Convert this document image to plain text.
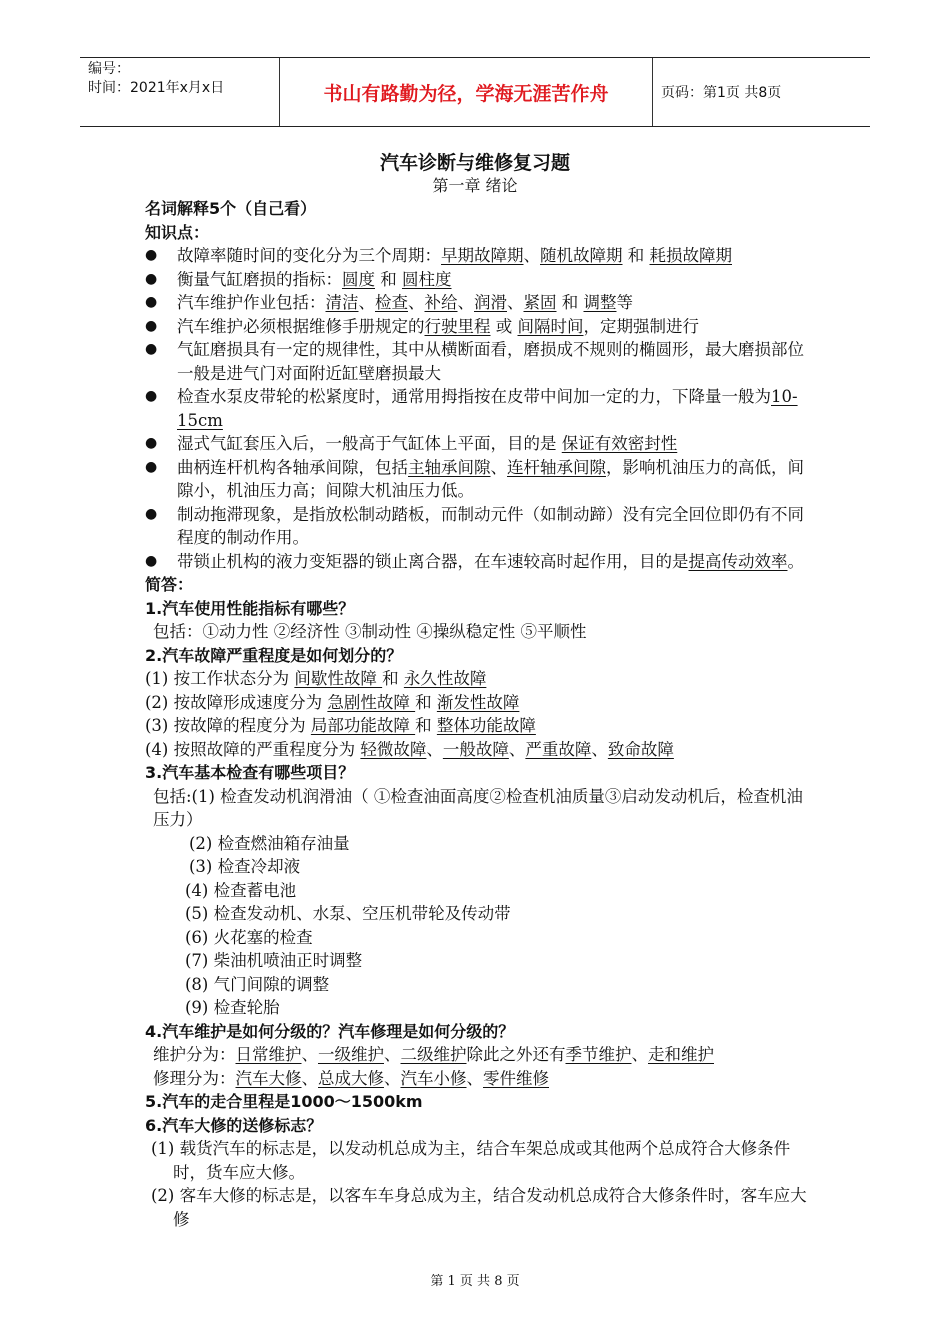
编号：
时间：2021年x月x日	书山有路勤为径，学海无涯苦作舟	页码：第1页 共8页
汽车诊断与维修复习题
第一章 绪论
名词解释5个（自己看）
知识点：
● 故障率随时间的变化分为三个周期：早期故障期、随机故障期 和 耗损故障期
● 衡量气缸磨损的指标：圆度 和 圆柱度
● 汽车维护作业包括：清洁、检查、补给、润滑、紧固 和 调整等
● 汽车维护必须根据维修手册规定的行驶里程 或 间隔时间，定期强制进行
● 气缸磨损具有一定的规律性，其中从横断面看，磨损成不规则的椭圆形，最大磨损部位一般是进气门对面附近缸壁磨损最大
● 检查水泵皮带轮的松紧度时，通常用拇指按在皮带中间加一定的力，下降量一般为10-15cm
● 湿式气缸套压入后，一般高于气缸体上平面，目的是 保证有效密封性
● 曲柄连杆机构各轴承间隙，包括主轴承间隙、连杆轴承间隙，影响机油压力的高低，间隙小，机油压力高；间隙大机油压力低。
● 制动拖滞现象，是指放松制动踏板，而制动元件（如制动蹄）没有完全回位即仍有不同程度的制动作用。
● 带锁止机构的液力变矩器的锁止离合器，在车速较高时起作用，目的是提高传动效率。
简答：
1.汽车使用性能指标有哪些？
包括：①动力性 ②经济性 ③制动性 ④操纵稳定性 ⑤平顺性
2.汽车故障严重程度是如何划分的？
(1) 按工作状态分为 间歇性故障 和 永久性故障
(2) 按故障形成速度分为 急剧性故障 和 渐发性故障
(3) 按故障的程度分为 局部功能故障 和 整体功能故障
(4) 按照故障的严重程度分为 轻微故障、一般故障、严重故障、致命故障
3.汽车基本检查有哪些项目？
包括:(1) 检查发动机润滑油（ ①检查油面高度②检查机油质量③启动发动机后，检查机油压力）
(2) 检查燃油箱存油量
(3) 检查冷却液
(4) 检查蓄电池
(5) 检查发动机、水泵、空压机带轮及传动带
(6) 火花塞的检查
(7) 柴油机喷油正时调整
(8) 气门间隙的调整
(9) 检查轮胎
4.汽车维护是如何分级的？汽车修理是如何分级的？
维护分为：日常维护、一级维护、二级维护除此之外还有季节维护、走和维护
修理分为：汽车大修、总成大修、汽车小修、零件维修
5.汽车的走合里程是1000～1500km
6.汽车大修的送修标志？
(1) 载货汽车的标志是，以发动机总成为主，结合车架总成或其他两个总成符合大修条件时，货车应大修。
(2) 客车大修的标志是，以客车车身总成为主，结合发动机总成符合大修条件时，客车应大修
第 1 页 共 8 页
